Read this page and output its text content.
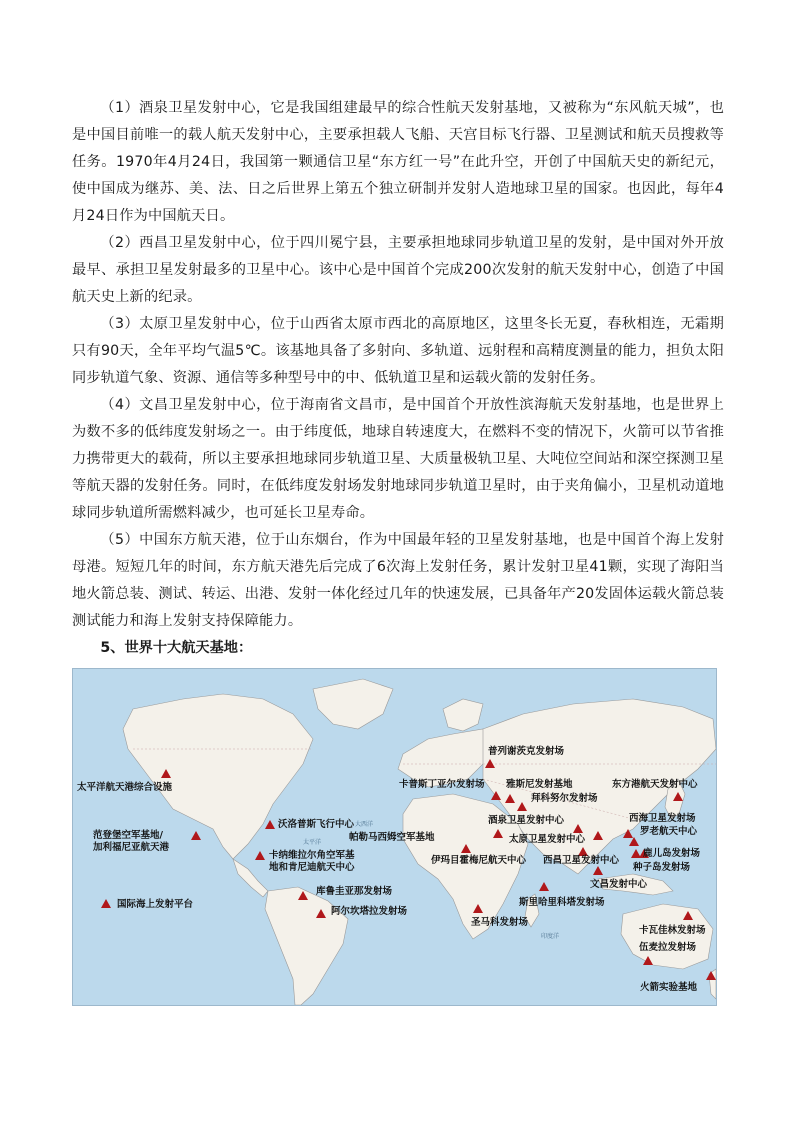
（1）酒泉卫星发射中心，它是我国组建最早的综合性航天发射基地，又被称为“东风航天城”，也是中国目前唯一的载人航天发射中心，主要承担载人飞船、天宫目标飞行器、卫星测试和航天员搜救等任务。1970年4月24日，我国第一颗通信卫星“东方红一号”在此升空，开创了中国航天史的新纪元，使中国成为继苏、美、法、日之后世界上第五个独立研制并发射人造地球卫星的国家。也因此，每年4月24日作为中国航天日。

（2）西昌卫星发射中心，位于四川冕宁县，主要承担地球同步轨道卫星的发射，是中国对外开放最早、承担卫星发射最多的卫星中心。该中心是中国首个完成200次发射的航天发射中心，创造了中国航天史上新的纪录。

（3）太原卫星发射中心，位于山西省太原市西北的高原地区，这里冬长无夏，春秋相连，无霜期只有90天，全年平均气温5℃。该基地具备了多射向、多轨道、远射程和高精度测量的能力，担负太阳同步轨道气象、资源、通信等多种型号中的中、低轨道卫星和运载火箭的发射任务。

（4）文昌卫星发射中心，位于海南省文昌市，是中国首个开放性滨海航天发射基地，也是世界上为数不多的低纬度发射场之一。由于纬度低，地球自转速度大，在燃料不变的情况下，火箭可以节省推力携带更大的载荷，所以主要承担地球同步轨道卫星、大质量极轨卫星、大吨位空间站和深空探测卫星等航天器的发射任务。同时，在低纬度发射场发射地球同步轨道卫星时，由于夹角偏小，卫星机动道地球同步轨道所需燃料减少，也可延长卫星寿命。

（5）中国东方航天港，位于山东烟台，作为中国最年轻的卫星发射基地，也是中国首个海上发射母港。短短几年的时间，东方航天港先后完成了6次海上发射任务，累计发射卫星41颗，实现了海阳当地火箭总装、测试、转运、出港、发射一体化经过几年的快速发展，已具备年产20发固体运载火箭总装测试能力和海上发射支持保障能力。

5、世界十大航天基地：

太平洋
大西洋
印度洋
太平洋航天港综合设施
范登堡空军基地/
加利福尼亚航天港
国际海上发射平台
沃洛普斯飞行中心
卡纳维拉尔角空军基
地和肯尼迪航天中心
库鲁圭亚那发射场
阿尔坎塔拉发射场
帕勒马西姆空军基地
伊玛目霍梅尼航天中心
普列谢茨克发射场
卡普斯丁亚尔发射场 雅斯尼发射基地
拜科努尔发射场
酒泉卫星发射中心
太原卫星发射中心
西昌卫星发射中心
文昌发射中心
东方港航天发射中心
西海卫星发射场
罗老航天中心
鹿儿岛发射场
种子岛发射场
斯里哈里科塔发射场
圣马科发射场
卡瓦佳林发射场
伍麦拉发射场
火箭实验基地
